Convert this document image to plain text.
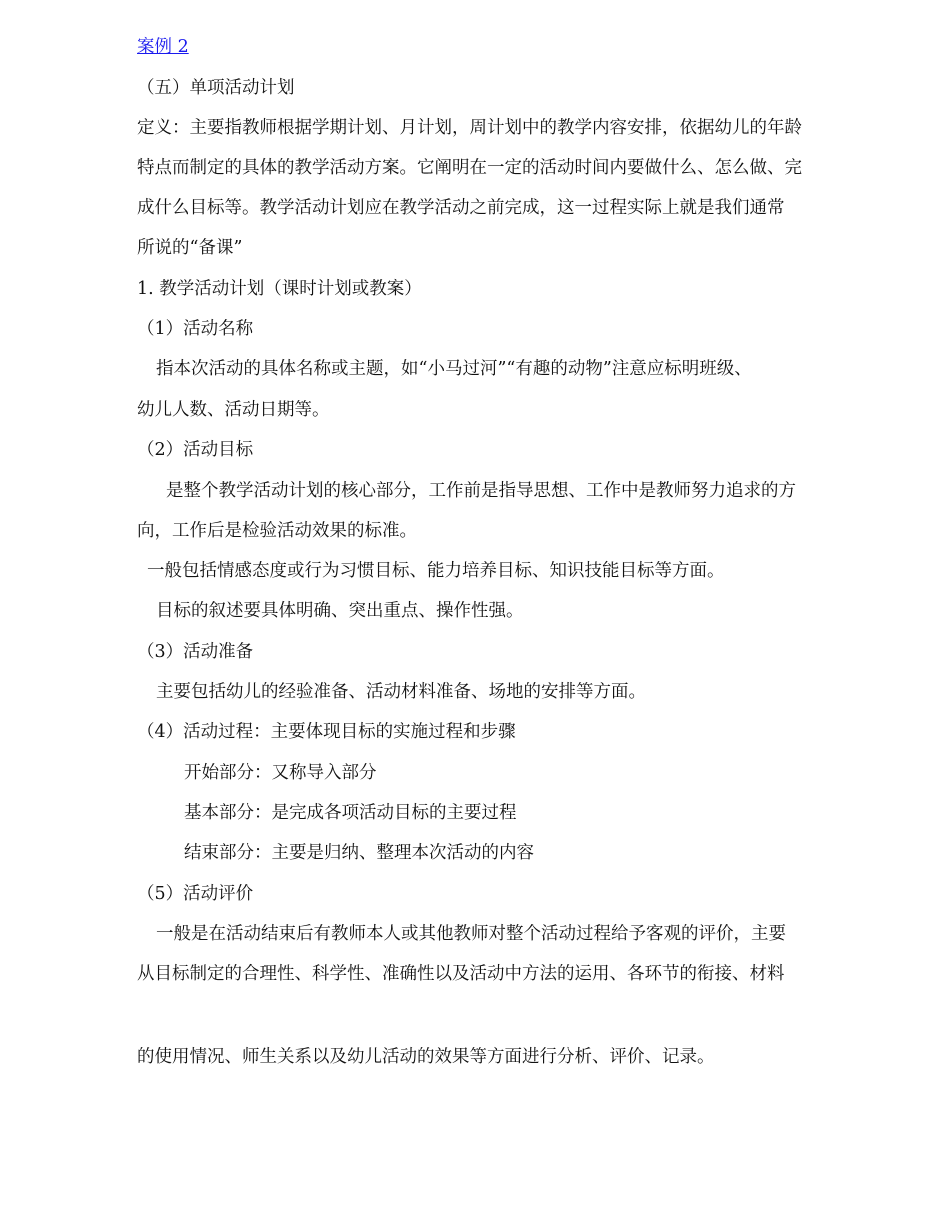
案例 2
（五）单项活动计划
定义：主要指教师根据学期计划、月计划，周计划中的教学内容安排，依据幼儿的年龄
特点而制定的具体的教学活动方案。它阐明在一定的活动时间内要做什么、怎么做、完
成什么目标等。教学活动计划应在教学活动之前完成，这一过程实际上就是我们通常
所说的“备课”
1. 教学活动计划（课时计划或教案）
（1）活动名称
指本次活动的具体名称或主题，如“小马过河”“有趣的动物”注意应标明班级、
幼儿人数、活动日期等。
（2）活动目标
是整个教学活动计划的核心部分，工作前是指导思想、工作中是教师努力追求的方
向，工作后是检验活动效果的标准。
一般包括情感态度或行为习惯目标、能力培养目标、知识技能目标等方面。
目标的叙述要具体明确、突出重点、操作性强。
（3）活动准备
主要包括幼儿的经验准备、活动材料准备、场地的安排等方面。
（4）活动过程：主要体现目标的实施过程和步骤
开始部分：又称导入部分
基本部分：是完成各项活动目标的主要过程
结束部分：主要是归纳、整理本次活动的内容
（5）活动评价
一般是在活动结束后有教师本人或其他教师对整个活动过程给予客观的评价，主要
从目标制定的合理性、科学性、准确性以及活动中方法的运用、各环节的衔接、材料
的使用情况、师生关系以及幼儿活动的效果等方面进行分析、评价、记录。
